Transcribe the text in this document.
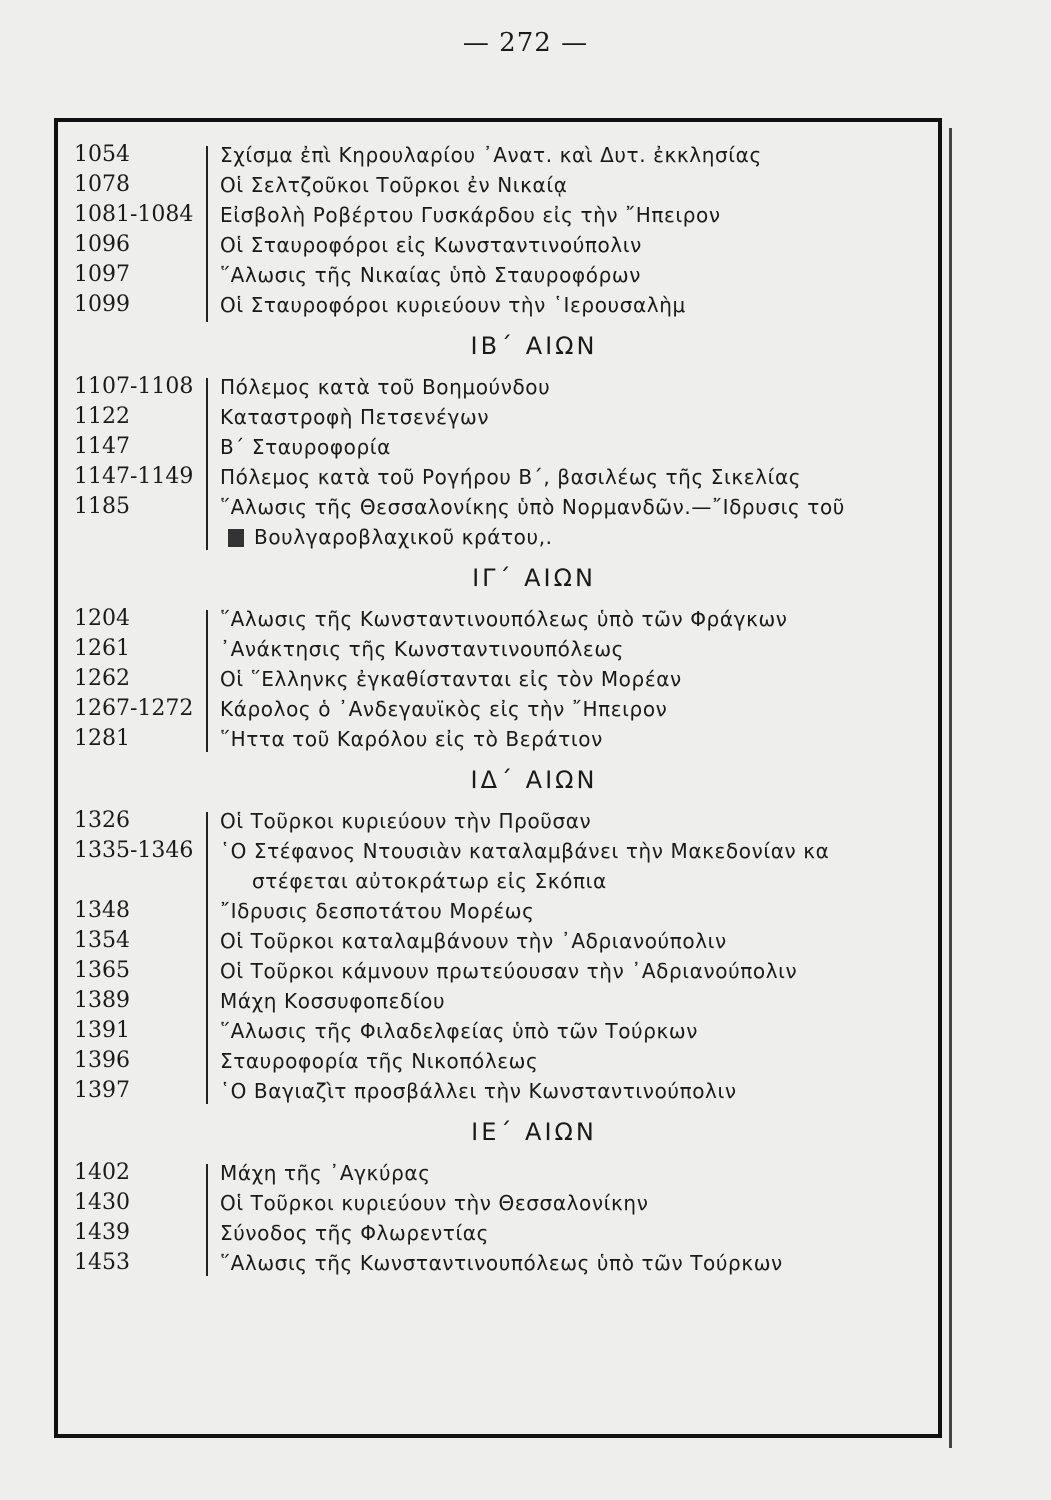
— 272 —
1054	Σχίσμα ἐπὶ Κηρουλαρίου ᾿Ανατ. καὶ Δυτ. ἐκκλησίας
1078	Οἱ Σελτζοῦκοι Τοῦρκοι ἐν Νικαίᾳ
1081-1084	Εἰσβολὴ Ροβέρτου Γυσκάρδου εἰς τὴν ῎Ηπειρον
1096	Οἱ Σταυροφόροι εἰς Κωνσταντινούπολιν
1097	῞Αλωσις τῆς Νικαίας ὑπὸ Σταυροφόρων
1099	Οἱ Σταυροφόροι κυριεύουν τὴν ῾Ιερουσαλὴμ
ΙΒ΄ ΑΙΩΝ
1107-1108	Πόλεμος κατὰ τοῦ Βοημούνδου
1122	Καταστροφὴ Πετσενέγων
1147	Β΄ Σταυροφορία
1147-1149	Πόλεμος κατὰ τοῦ Ρογήρου Β΄, βασιλέως τῆς Σικελίας
1185	῞Αλωσις τῆς Θεσσαλονίκης ὑπὸ Νορμανδῶν.—῎Ιδρυσις τοῦ
Βουλγαροβλαχικοῦ κράτου,.
ΙΓ΄ ΑΙΩΝ
1204	῞Αλωσις τῆς Κωνσταντινουπόλεως ὑπὸ τῶν Φράγκων
1261	᾿Ανάκτησις τῆς Κωνσταντινουπόλεως
1262	Οἱ ῞Ελληνκς ἐγκαθίστανται εἰς τὸν Μορέαν
1267-1272	Κάρολος ὁ ᾿Ανδεγαυϊκὸς εἰς τὴν ῎Ηπειρον
1281	῞Ηττα τοῦ Καρόλου εἰς τὸ Βεράτιον
ΙΔ΄ ΑΙΩΝ
1326	Οἱ Τοῦρκοι κυριεύουν τὴν Προῦσαν
1335-1346	῾Ο Στέφανος Ντουσιὰν καταλαμβάνει τὴν Μακεδονίαν κα
στέφεται αὐτοκράτωρ εἰς Σκόπια
1348	῎Ιδρυσις δεσποτάτου Μορέως
1354	Οἱ Τοῦρκοι καταλαμβάνουν τὴν ᾿Αδριανούπολιν
1365	Οἱ Τοῦρκοι κάμνουν πρωτεύουσαν τὴν ᾿Αδριανούπολιν
1389	Μάχη Κοσσυφοπεδίου
1391	῞Αλωσις τῆς Φιλαδελφείας ὑπὸ τῶν Τούρκων
1396	Σταυροφορία τῆς Νικοπόλεως
1397	῾Ο Βαγιαζὶτ προσβάλλει τὴν Κωνσταντινούπολιν
ΙΕ΄ ΑΙΩΝ
1402	Μάχη τῆς ᾿Αγκύρας
1430	Οἱ Τοῦρκοι κυριεύουν τὴν Θεσσαλονίκην
1439	Σύνοδος τῆς Φλωρεντίας
1453	῞Αλωσις τῆς Κωνσταντινουπόλεως ὑπὸ τῶν Τούρκων
